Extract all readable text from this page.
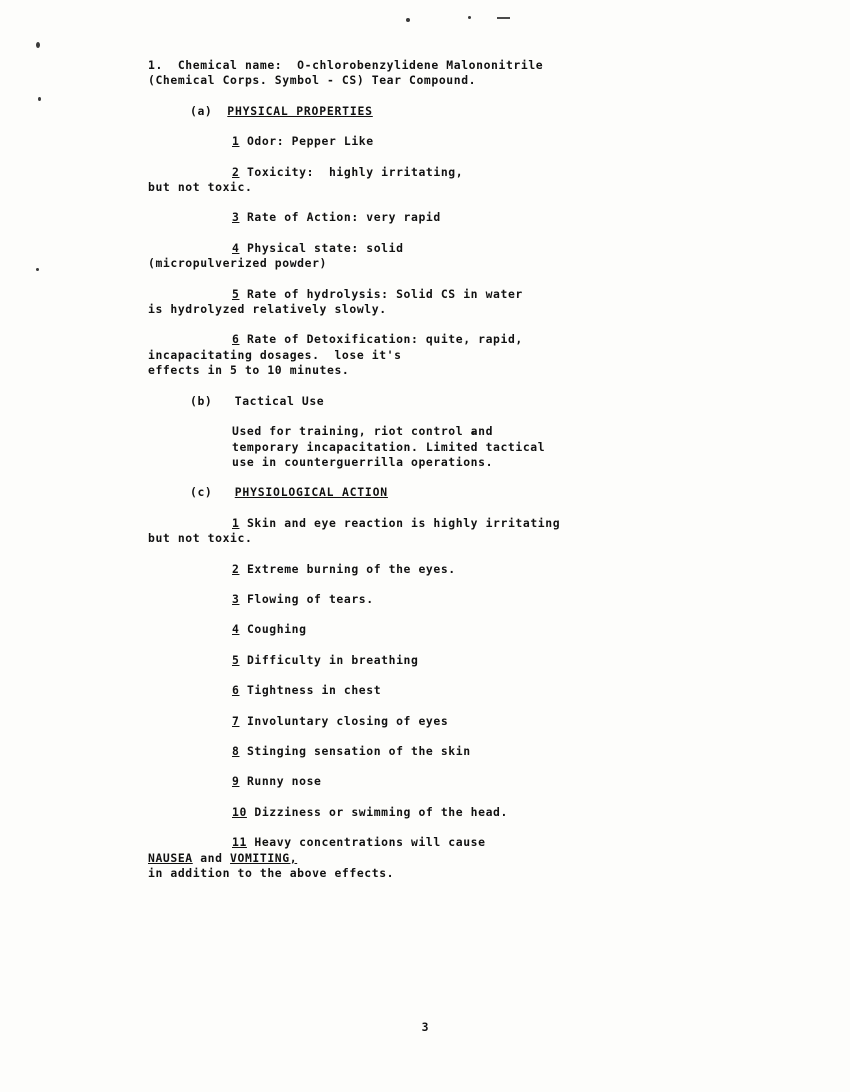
1.  Chemical name:  O-chlorobenzylidene Malononitrile
(Chemical Corps. Symbol - CS) Tear Compound.
(a) PHYSICAL PROPERTIES
1 Odor: Pepper Like
2 Toxicity:  highly irritating,
but not toxic.
3 Rate of Action: very rapid
4 Physical state: solid
(micropulverized powder)
5 Rate of hydrolysis: Solid CS in water
is hydrolyzed relatively slowly.
6 Rate of Detoxification: quite, rapid,
incapacitating dosages.  lose it's
effects in 5 to 10 minutes.
(b) Tactical Use
Used for training, riot control and
temporary incapacitation. Limited tactical
use in counterguerrilla operations.
(c) PHYSIOLOGICAL ACTION
1 Skin and eye reaction is highly irritating
but not toxic.
2 Extreme burning of the eyes.
3 Flowing of tears.
4 Coughing
5 Difficulty in breathing
6 Tightness in chest
7 Involuntary closing of eyes
8 Stinging sensation of the skin
9 Runny nose
10 Dizziness or swimming of the head.
11 Heavy concentrations will cause
NAUSEA and VOMITING,
in addition to the above effects.
3
